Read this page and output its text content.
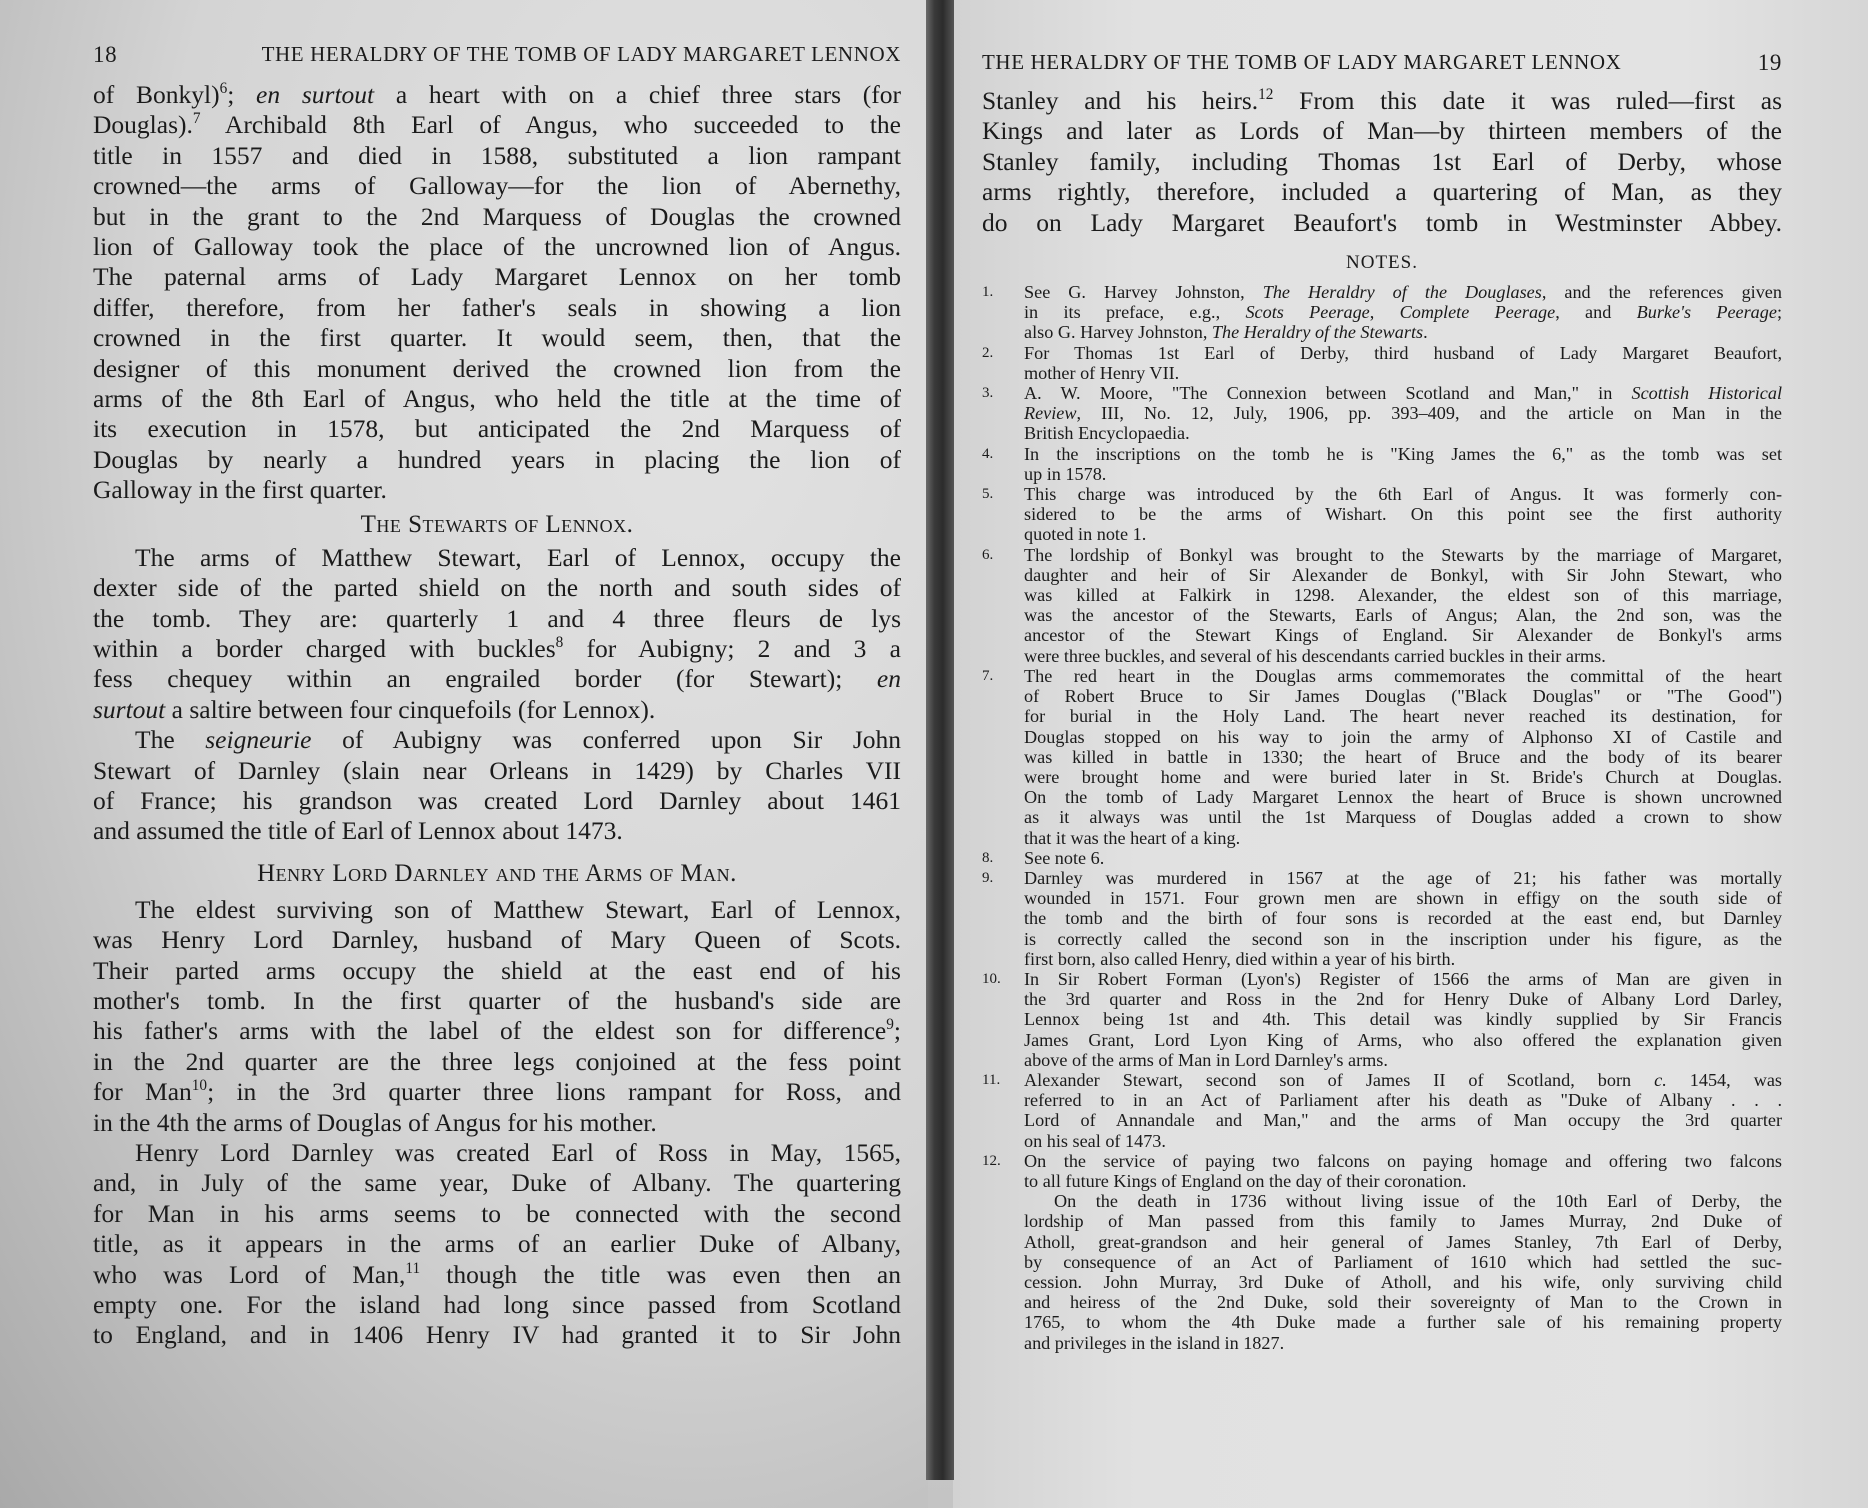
18	THE HERALDRY OF THE TOMB OF LADY MARGARET LENNOX
of Bonkyl)$^6$; en surtout a heart with on a chief three stars (for
Douglas).$^7$ Archibald 8th Earl of Angus, who succeeded to the
title in 1557 and died in 1588, substituted a lion rampant
crowned—the arms of Galloway—for the lion of Abernethy,
but in the grant to the 2nd Marquess of Douglas the crowned
lion of Galloway took the place of the uncrowned lion of Angus.
The paternal arms of Lady Margaret Lennox on her tomb
differ, therefore, from her father's seals in showing a lion
crowned in the first quarter. It would seem, then, that the
designer of this monument derived the crowned lion from the
arms of the 8th Earl of Angus, who held the title at the time of
its execution in 1578, but anticipated the 2nd Marquess of
Douglas by nearly a hundred years in placing the lion of
Galloway in the first quarter.
The Stewarts of Lennox.
The arms of Matthew Stewart, Earl of Lennox, occupy the
dexter side of the parted shield on the north and south sides of
the tomb. They are: quarterly 1 and 4 three fleurs de lys
within a border charged with buckles$^8$ for Aubigny; 2 and 3 a
fess chequey within an engrailed border (for Stewart); en
surtout a saltire between four cinquefoils (for Lennox).
The seigneurie of Aubigny was conferred upon Sir John
Stewart of Darnley (slain near Orleans in 1429) by Charles VII
of France; his grandson was created Lord Darnley about 1461
and assumed the title of Earl of Lennox about 1473.
Henry Lord Darnley and the Arms of Man.
The eldest surviving son of Matthew Stewart, Earl of Lennox,
was Henry Lord Darnley, husband of Mary Queen of Scots.
Their parted arms occupy the shield at the east end of his
mother's tomb. In the first quarter of the husband's side are
his father's arms with the label of the eldest son for difference$^9$;
in the 2nd quarter are the three legs conjoined at the fess point
for Man$^{10}$; in the 3rd quarter three lions rampant for Ross, and
in the 4th the arms of Douglas of Angus for his mother.
Henry Lord Darnley was created Earl of Ross in May, 1565,
and, in July of the same year, Duke of Albany. The quartering
for Man in his arms seems to be connected with the second
title, as it appears in the arms of an earlier Duke of Albany,
who was Lord of Man,$^{11}$ though the title was even then an
empty one. For the island had long since passed from Scotland
to England, and in 1406 Henry IV had granted it to Sir John
THE HERALDRY OF THE TOMB OF LADY MARGARET LENNOX	19
Stanley and his heirs.$^{12}$ From this date it was ruled—first as
Kings and later as Lords of Man—by thirteen members of the
Stanley family, including Thomas 1st Earl of Derby, whose
arms rightly, therefore, included a quartering of Man, as they
do on Lady Margaret Beaufort's tomb in Westminster Abbey.
NOTES.
1. See G. Harvey Johnston, The Heraldry of the Douglases, and the references given
in its preface, e.g., Scots Peerage, Complete Peerage, and Burke's Peerage;
also G. Harvey Johnston, The Heraldry of the Stewarts.
2. For Thomas 1st Earl of Derby, third husband of Lady Margaret Beaufort,
mother of Henry VII.
3. A. W. Moore, "The Connexion between Scotland and Man," in Scottish Historical
Review, III, No. 12, July, 1906, pp. 393–409, and the article on Man in the
British Encyclopaedia.
4. In the inscriptions on the tomb he is "King James the 6," as the tomb was set
up in 1578.
5. This charge was introduced by the 6th Earl of Angus. It was formerly con-
sidered to be the arms of Wishart. On this point see the first authority
quoted in note 1.
6. The lordship of Bonkyl was brought to the Stewarts by the marriage of Margaret,
daughter and heir of Sir Alexander de Bonkyl, with Sir John Stewart, who
was killed at Falkirk in 1298. Alexander, the eldest son of this marriage,
was the ancestor of the Stewarts, Earls of Angus; Alan, the 2nd son, was the
ancestor of the Stewart Kings of England. Sir Alexander de Bonkyl's arms
were three buckles, and several of his descendants carried buckles in their arms.
7. The red heart in the Douglas arms commemorates the committal of the heart
of Robert Bruce to Sir James Douglas ("Black Douglas" or "The Good")
for burial in the Holy Land. The heart never reached its destination, for
Douglas stopped on his way to join the army of Alphonso XI of Castile and
was killed in battle in 1330; the heart of Bruce and the body of its bearer
were brought home and were buried later in St. Bride's Church at Douglas.
On the tomb of Lady Margaret Lennox the heart of Bruce is shown uncrowned
as it always was until the 1st Marquess of Douglas added a crown to show
that it was the heart of a king.
8. See note 6.
9. Darnley was murdered in 1567 at the age of 21; his father was mortally
wounded in 1571. Four grown men are shown in effigy on the south side of
the tomb and the birth of four sons is recorded at the east end, but Darnley
is correctly called the second son in the inscription under his figure, as the
first born, also called Henry, died within a year of his birth.
10. In Sir Robert Forman (Lyon's) Register of 1566 the arms of Man are given in
the 3rd quarter and Ross in the 2nd for Henry Duke of Albany Lord Darley,
Lennox being 1st and 4th. This detail was kindly supplied by Sir Francis
James Grant, Lord Lyon King of Arms, who also offered the explanation given
above of the arms of Man in Lord Darnley's arms.
11. Alexander Stewart, second son of James II of Scotland, born c. 1454, was
referred to in an Act of Parliament after his death as "Duke of Albany . . .
Lord of Annandale and Man," and the arms of Man occupy the 3rd quarter
on his seal of 1473.
12. On the service of paying two falcons on paying homage and offering two falcons
to all future Kings of England on the day of their coronation.
On the death in 1736 without living issue of the 10th Earl of Derby, the
lordship of Man passed from this family to James Murray, 2nd Duke of
Atholl, great-grandson and heir general of James Stanley, 7th Earl of Derby,
by consequence of an Act of Parliament of 1610 which had settled the suc-
cession. John Murray, 3rd Duke of Atholl, and his wife, only surviving child
and heiress of the 2nd Duke, sold their sovereignty of Man to the Crown in
1765, to whom the 4th Duke made a further sale of his remaining property
and privileges in the island in 1827.
